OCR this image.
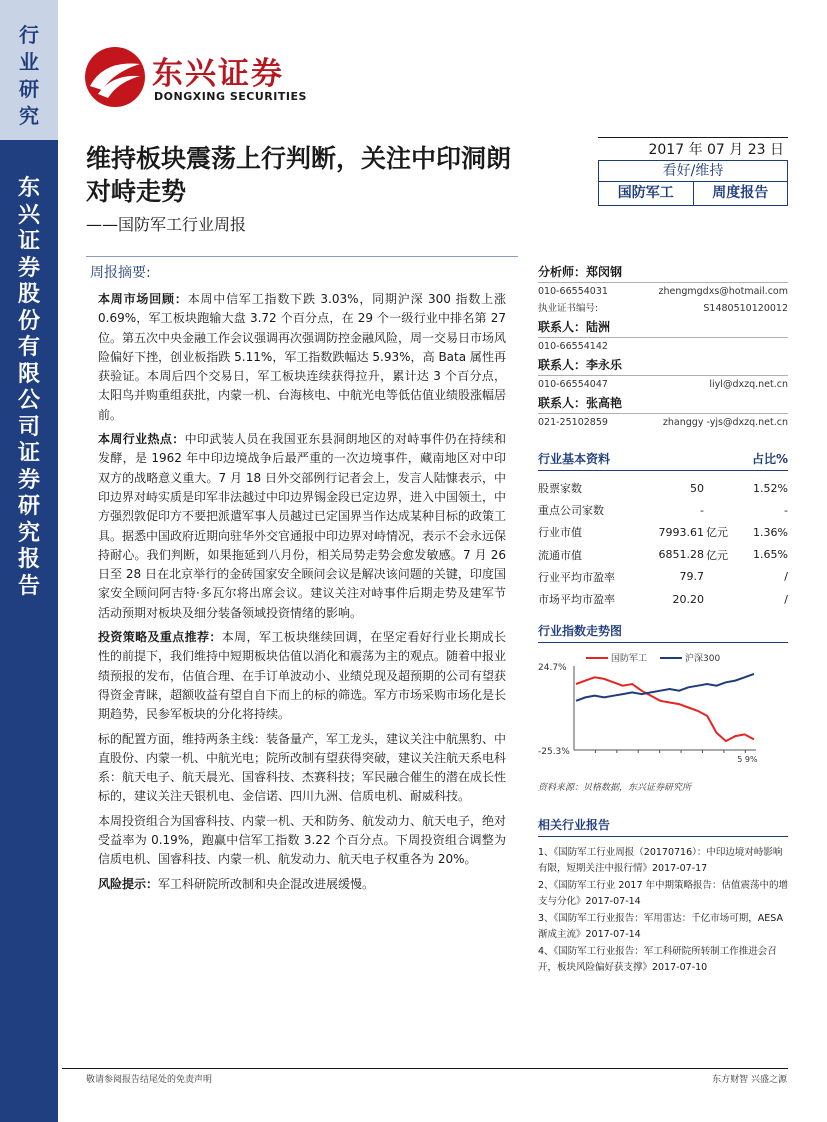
行
业
研
究
东
兴
证
券
股
份
有
限
公
司
证
券
研
究
报
告
东兴证券
DONGXING SECURITIES
维持板块震荡上行判断，关注中印洞朗对峙走势
——国防军工行业周报
2017 年 07 月 23 日
看好/维持
国防军工	周度报告
周报摘要:

本周市场回顾：本周中信军工指数下跌 3.03%，同期沪深 300 指数上涨 0.69%，军工板块跑输大盘 3.72 个百分点，在 29 个一级行业中排名第 27 位。第五次中央金融工作会议强调再次强调防控金融风险，周一交易日市场风险偏好下挫，创业板指跌 5.11%，军工指数跌幅达 5.93%，高 Bata 属性再获验证。本周后四个交易日，军工板块连续获得拉升，累计达 3 个百分点，太阳鸟并购重组获批，内蒙一机、台海核电、中航光电等低估值业绩股涨幅居前。

本周行业热点：中印武装人员在我国亚东县洞朗地区的对峙事件仍在持续和发酵，是 1962 年中印边境战争后最严重的一次边境事件，藏南地区对中印双方的战略意义重大。7 月 18 日外交部例行记者会上，发言人陆慷表示，中印边界对峙实质是印军非法越过中印边界锡金段已定边界，进入中国领土，中方强烈敦促印方不要把派遣军事人员越过已定国界当作达成某种目标的政策工具。据悉中国政府近期向驻华外交官通报中印边界对峙情况，表示不会永远保持耐心。我们判断，如果拖延到八月份，相关局势走势会愈发敏感。7 月 26 日至 28 日在北京举行的金砖国家安全顾问会议是解决该问题的关键，印度国家安全顾问阿吉特·多瓦尔将出席会议。建议关注对峙事件后期走势及建军节活动预期对板块及细分装备领域投资情绪的影响。

投资策略及重点推荐：本周，军工板块继续回调，在坚定看好行业长期成长性的前提下，我们维持中短期板块估值以消化和震荡为主的观点。随着中报业绩预报的发布，估值合理、在手订单波动小、业绩兑现及超预期的公司有望获得资金青睐，超额收益有望自自下而上的标的筛选。军方市场采购市场化是长期趋势，民参军板块的分化将持续。

标的配置方面，维持两条主线：装备量产，军工龙头，建议关注中航黑豹、中直股份、内蒙一机、中航光电；院所改制有望获得突破，建议关注航天系电科系：航天电子、航天晨光、国睿科技、杰赛科技；军民融合催生的潜在成长性标的，建议关注天银机电、金信诺、四川九洲、信质电机、耐威科技。

本周投资组合为国睿科技、内蒙一机、天和防务、航发动力、航天电子，绝对受益率为 0.19%，跑赢中信军工指数 3.22 个百分点。下周投资组合调整为信质电机、国睿科技、内蒙一机、航发动力、航天电子权重各为 20%。

风险提示：军工科研院所改制和央企混改进展缓慢。

分析师：郑闵钢
010-66554031	zhengmgdxs@hotmail.com
执业证书编号:	S1480510120012
联系人：陆洲
010-66554142
联系人：李永乐
010-66554047	liyl@dxzq.net.cn
联系人：张高艳
021-25102859	zhanggy -yjs@dxzq.net.cn
行业基本资料	占比%
股票家数	50		1.52%
重点公司家数	-		-
行业市值	7993.61	亿元	1.36%
流通市值	6851.28	亿元	1.65%
行业平均市盈率	79.7		/
市场平均市盈率	20.20		/
行业指数走势图
24.7%
-25.3%
5 9%
国防军工	沪深300
资料来源：贝格数据，东兴证券研究所
相关行业报告
1、《国防军工行业周报（20170716）：中印边境对峙影响有限，短期关注中报行情》2017-07-17
2、《国防军工行业 2017 年中期策略报告：估值震荡中的增支与分化》2017-07-14
3、《国防军工行业报告：军用雷达：千亿市场可期，AESA 渐成主流》2017-07-14
4、《国防军工行业报告：军工科研院所转制工作推进会召开，板块风险偏好获支撑》2017-07-10
敬请参阅报告结尾处的免责声明	东方财智 兴盛之源
